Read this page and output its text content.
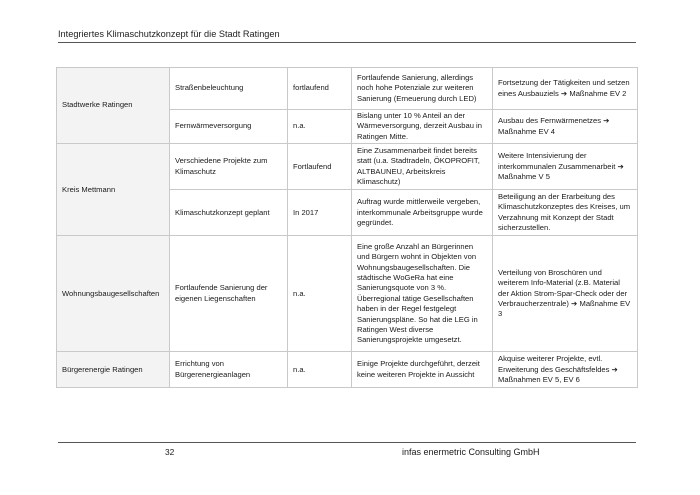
Integriertes Klimaschutzkonzept für die Stadt Ratingen
Stadtwerke Ratingen	Straßenbeleuchtung	fortlaufend	Fortlaufende Sanierung, allerdings noch hohe Potenziale zur weiteren Sanierung (Erneuerung durch LED)	Fortsetzung der Tätigkeiten und setzen eines Ausbauziels ➔ Maßnahme EV 2
	Fernwärmeversorgung	n.a.	Bislang unter 10 % Anteil an der Wärmeversorgung, derzeit Ausbau in Ratingen Mitte.	Ausbau des Fernwärmenetzes ➔ Maßnahme EV 4
Kreis Mettmann	Verschiedene Projekte zum Klimaschutz	Fortlaufend	Eine Zusammenarbeit findet bereits statt (u.a. Stadtradeln, ÖKOPROFIT, ALTBAUNEU, Arbeitskreis Klimaschutz)	Weitere Intensivierung der interkommunalen Zusammenarbeit ➔ Maßnahme V 5
	Klimaschutzkonzept geplant	In 2017	Auftrag wurde mittlerweile vergeben, interkommunale Arbeitsgruppe wurde gegründet.	Beteiligung an der Erarbeitung des Klimaschutzkonzeptes des Kreises, um Verzahnung mit Konzept der Stadt sicherzustellen.
Wohnungsbaugesellschaften	Fortlaufende Sanierung der eigenen Liegenschaften	n.a.	Eine große Anzahl an Bürgerinnen und Bürgern wohnt in Objekten von Wohnungsbaugesellschaften. Die städtische WoGeRa hat eine Sanierungsquote von 3 %. Überregional tätige Gesellschaften haben in der Regel festgelegt Sanierungspläne. So hat die LEG in Ratingen West diverse Sanierungsprojekte umgesetzt.	Verteilung von Broschüren und weiterem Info-Material (z.B. Material der Aktion Strom-Spar-Check oder der Verbraucherzentrale) ➔ Maßnahme EV 3
Bürgerenergie Ratingen	Errichtung von Bürgerenergieanlagen	n.a.	Einige Projekte durchgeführt, derzeit keine weiteren Projekte in Aussicht	Akquise weiterer Projekte, evtl. Erweiterung des Geschäftsfeldes ➔ Maßnahmen EV 5, EV 6
32	infas enermetric Consulting GmbH
